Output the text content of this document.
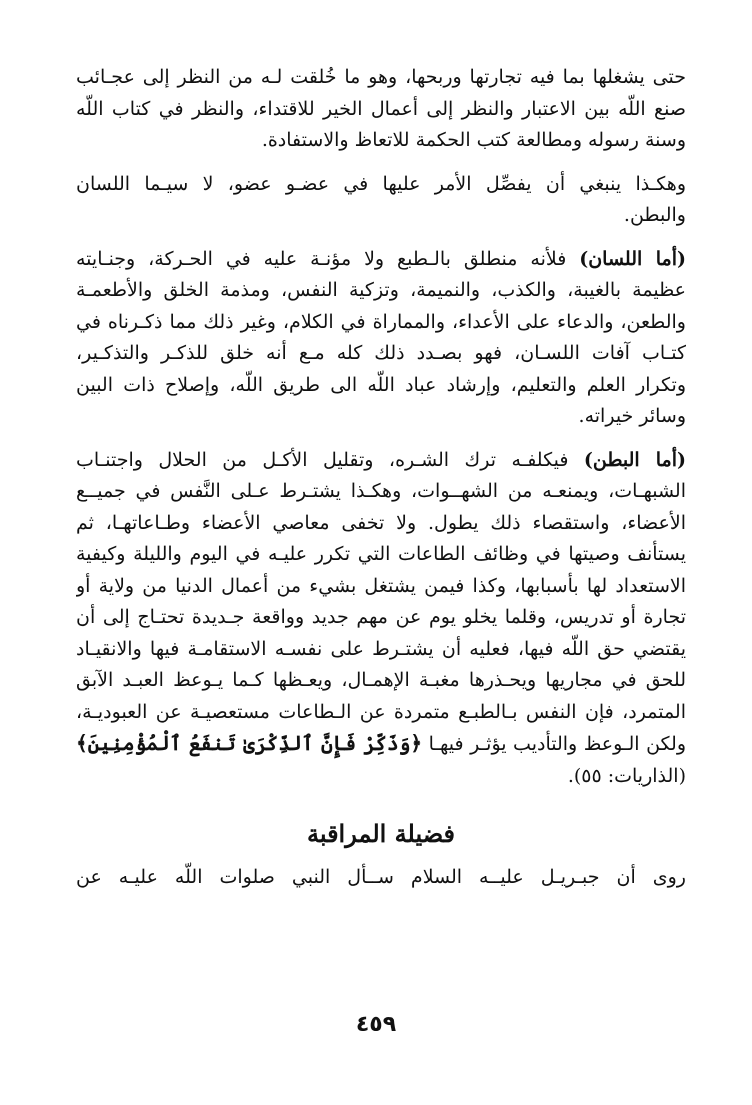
حتى يشغلها بما فيه تجارتها وربحها، وهو ما خُلقت لـه من النظر إلى عجـائب
صنع اللّه بين الاعتبار والنظر إلى أعمال الخير للاقتداء، والنظر في كتاب اللّه
وسنة رسوله ومطالعة كتب الحكمة للاتعاظ والاستفادة.
وهكـذا ينبغي أن يفصِّل الأمر عليها في عضـو عضو، لا سيـما اللسان
والبطن.
(أما اللسان) فلأنه منطلق بالـطبع ولا مؤنـة عليه في الحـركة، وجنـايته
عظيمة بالغيبة، والكذب، والنميمة، وتزكية النفس، ومذمة الخلق والأطعمـة
والطعن، والدعاء على الأعداء، والمماراة في الكلام، وغير ذلك مما ذكـرناه في
كتـاب آفات اللسـان، فهو بصـدد ذلك كله مـع أنه خلق للذكـر والتذكـير،
وتكرار العلم والتعليم، وإرشاد عباد اللّه الى طريق اللّه، وإصلاح ذات البين
وسائر خيراته.
(أما البطن) فيكلفـه ترك الشـره، وتقليل الأكـل من الحلال واجتنـاب
الشبهـات، ويمنعـه من الشهــوات، وهكـذا يشتـرط عـلى النَّفس في جميــع
الأعضاء، واستقصاء ذلك يطول. ولا تخفى معاصي الأعضاء وطـاعاتهـا، ثم
يستأنف وصيتها في وظائف الطاعات التي تكرر عليـه في اليوم والليلة وكيفية
الاستعداد لها بأسبابها، وكذا فيمن يشتغل بشيء من أعمال الدنيا من ولاية أو
تجارة أو تدريس، وقلما يخلو يوم عن مهم جديد وواقعة جـديدة تحتـاج إلى أن
يقتضي حق اللّه فيها، فعليه أن يشتـرط على نفسـه الاستقامـة فيها والانقيـاد
للحق في مجاريها ويحـذرها مغبـة الإهمـال، ويعـظها كـما يـوعظ العبـد الآبق
المتمرد، فإن النفس بـالطبـع متمردة عن الـطاعات مستعصيـة عن العبوديـة،
ولكن الـوعظ والتأديب يؤثـر فيهـا ﴿وَذَكِّرْ فَإِنَّ ٱلذِّكْرَىٰ تَنفَعُ ٱلْمُؤْمِنِينَ﴾
(الذاريات: ٥٥).
فضيلة المراقبة
روى أن جبـريـل عليــه السلام ســأل النبي صلوات اللّه عليـه عن
٤٥٩
